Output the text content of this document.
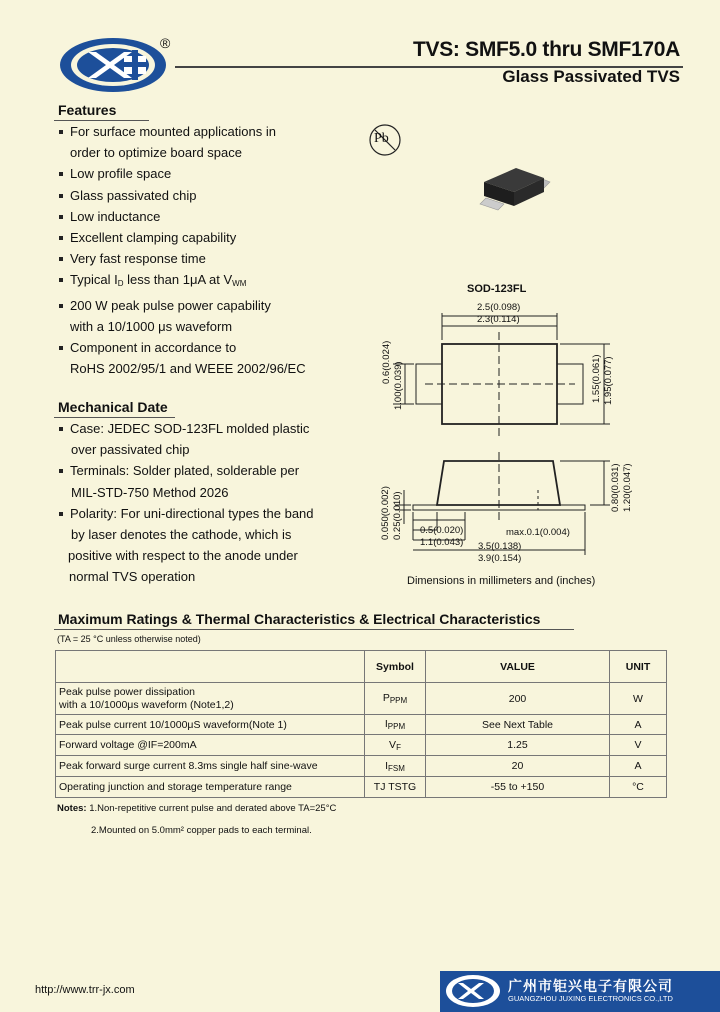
®	TVS: SMF5.0 thru SMF170A
Glass Passivated TVS
Features
For surface mounted applications in
order to optimize board space
Low profile space
Glass passivated chip
Low inductance
Excellent clamping capability
Very fast response time
Typical $I_D$ less than 1μA at $V_{WM}$
200 W peak pulse power capability
with a 10/1000 μs waveform
Component in accordance to
RoHS 2002/95/1 and WEEE 2002/96/EC
Pb
Mechanical Date
Case: JEDEC SOD-123FL molded plastic
over passivated chip
Terminals: Solder plated, solderable per
MIL-STD-750 Method 2026
Polarity: For uni-directional types the band
by laser denotes the cathode, which is
positive with respect to the anode under
normal TVS operation
SOD-123FL
2.5(0.098)
2.3(0.114)
0.6(0.024) 1.00(0.039)	1.55(0.061) 1.95(0.077)
0.050(0.002) 0.25(0.010)
0.80(0.031) 1.20(0.047)
0.5(0.020)
1.1(0.043)
max.0.1(0.004)
3.5(0.138)
3.9(0.154)
Dimensions in millimeters and (inches)
Maximum Ratings & Thermal Characteristics & Electrical Characteristics
(TA = 25 °C unless otherwise noted)
	Symbol	VALUE	UNIT
Peak pulse power dissipation
with a 10/1000μs waveform (Note1,2)	$P_{PPM}$	200	W
Peak pulse current 10/1000μS waveform(Note 1)	$I_{PPM}$	See Next Table	A
Forward voltage @IF=200mA	$V_F$	1.25	V
Peak forward surge current 8.3ms single half sine-wave	$I_{FSM}$	20	A
Operating junction and storage temperature range	TJ TSTG	-55 to +150	°C
Notes: 1.Non-repetitive current pulse and derated above TA=25°C
2.Mounted on 5.0mm² copper pads to each terminal.
http://www.trr-jx.com	广州市钜兴电子有限公司
GUANGZHOU JUXING ELECTRONICS CO.,LTD
